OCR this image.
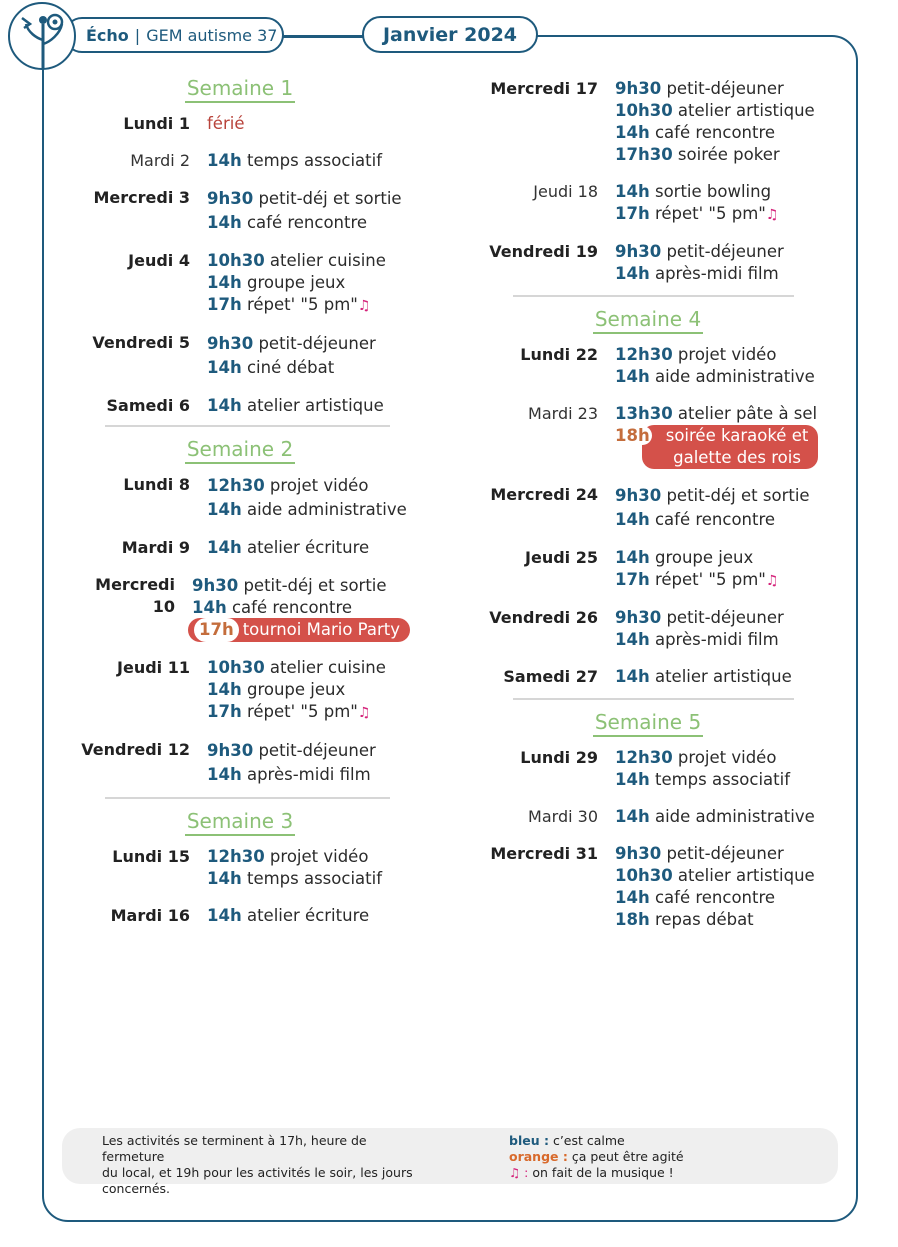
Écho | GEM autisme 37	Janvier 2024
Semaine 1
Lundi 1 férié
Mardi 2 14h temps associatif
Mercredi 3 9h30 petit-déj et sortie
14h café rencontre
Jeudi 4 10h30 atelier cuisine
14h groupe jeux
17h répet' "5 pm"♫
Vendredi 5 9h30 petit-déjeuner
14h ciné débat
Samedi 6 14h atelier artistique
Semaine 2
Lundi 8 12h30 projet vidéo
14h aide administrative
Mardi 9 14h atelier écriture
Mercredi 10
9h30 petit-déj et sortie
14h café rencontre
17h tournoi Mario Party
Jeudi 11 10h30 atelier cuisine
14h groupe jeux
17h répet' "5 pm"♫
Vendredi 12 9h30 petit-déjeuner
14h après-midi film
Semaine 3
Lundi 15 12h30 projet vidéo
14h temps associatif
Mardi 16 14h atelier écriture
Mercredi 17 9h30 petit-déjeuner
10h30 atelier artistique
14h café rencontre
17h30 soirée poker
Jeudi 18 14h sortie bowling
17h répet' "5 pm"♫
Vendredi 19 9h30 petit-déjeuner
14h après-midi film
Semaine 4
Lundi 22 12h30 projet vidéo
14h aide administrative
Mardi 23 13h30 atelier pâte à sel
18h soirée karaoké et
galette des rois
Mercredi 24 9h30 petit-déj et sortie
14h café rencontre
Jeudi 25 14h groupe jeux
17h répet' "5 pm"♫
Vendredi 26 9h30 petit-déjeuner
14h après-midi film
Samedi 27 14h atelier artistique
Semaine 5
Lundi 29 12h30 projet vidéo
14h temps associatif
Mardi 30 14h aide administrative
Mercredi 31 9h30 petit-déjeuner
10h30 atelier artistique
14h café rencontre
18h repas débat
Les activités se terminent à 17h, heure de fermeture
du local, et 19h pour les activités le soir, les jours
concernés.
bleu : c’est calme
orange : ça peut être agité
♫ : on fait de la musique !
